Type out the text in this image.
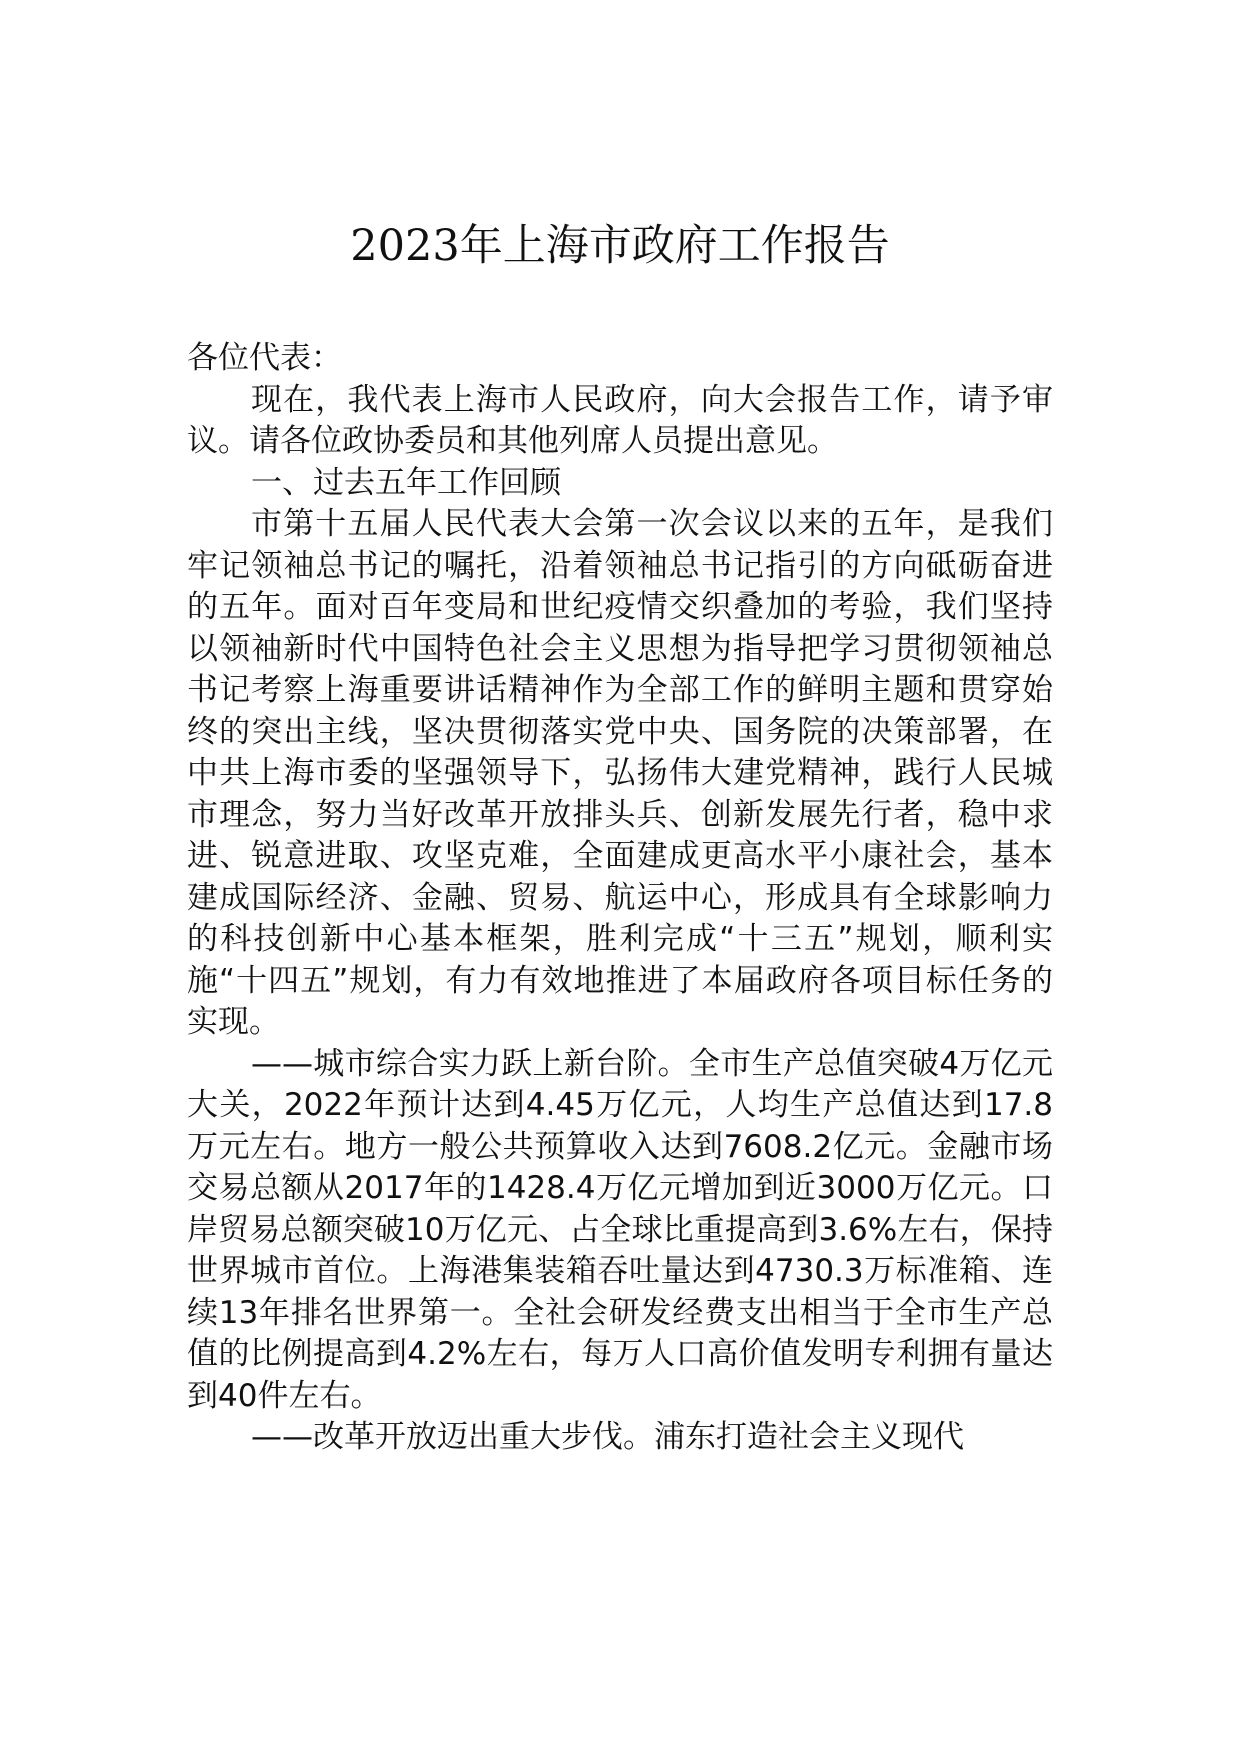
2023年上海市政府工作报告

各位代表：

现在，我代表上海市人民政府，向大会报告工作，请予审议。请各位政协委员和其他列席人员提出意见。

一、过去五年工作回顾

市第十五届人民代表大会第一次会议以来的五年，是我们牢记领袖总书记的嘱托，沿着领袖总书记指引的方向砥砺奋进的五年。面对百年变局和世纪疫情交织叠加的考验，我们坚持以领袖新时代中国特色社会主义思想为指导把学习贯彻领袖总书记考察上海重要讲话精神作为全部工作的鲜明主题和贯穿始终的突出主线，坚决贯彻落实党中央、国务院的决策部署，在中共上海市委的坚强领导下，弘扬伟大建党精神，践行人民城市理念，努力当好改革开放排头兵、创新发展先行者，稳中求进、锐意进取、攻坚克难，全面建成更高水平小康社会，基本建成国际经济、金融、贸易、航运中心，形成具有全球影响力的科技创新中心基本框架，胜利完成“十三五”规划，顺利实施“十四五”规划，有力有效地推进了本届政府各项目标任务的实现。

——城市综合实力跃上新台阶。全市生产总值突破4万亿元大关，2022年预计达到4.45万亿元，人均生产总值达到17.8万元左右。地方一般公共预算收入达到7608.2亿元。金融市场交易总额从2017年的1428.4万亿元增加到近3000万亿元。口岸贸易总额突破10万亿元、占全球比重提高到3.6%左右，保持世界城市首位。上海港集装箱吞吐量达到4730.3万标准箱、连续13年排名世界第一。全社会研发经费支出相当于全市生产总值的比例提高到4.2%左右，每万人口高价值发明专利拥有量达到40件左右。

——改革开放迈出重大步伐。浦东打造社会主义现代
